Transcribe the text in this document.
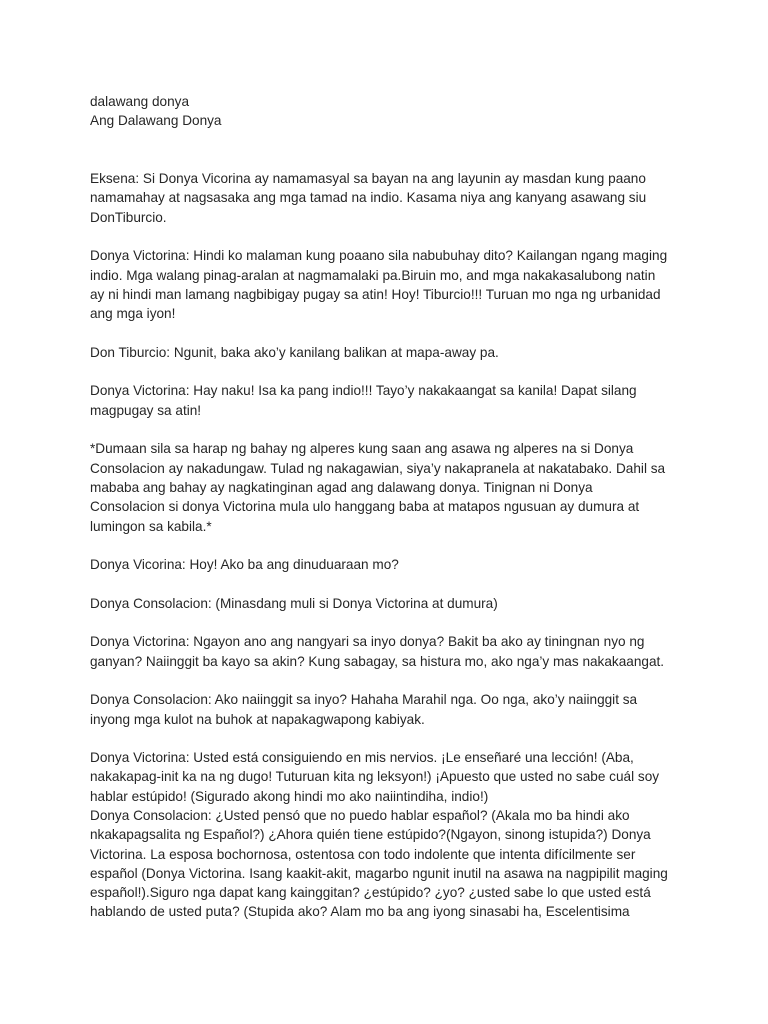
dalawang donya
Ang Dalawang Donya
Eksena: Si Donya Vicorina ay namamasyal sa bayan na ang layunin ay masdan kung paano
namamahay at nagsasaka ang mga tamad na indio. Kasama niya ang kanyang asawang siu
DonTiburcio.
Donya Victorina: Hindi ko malaman kung poaano sila nabubuhay dito? Kailangan ngang maging
indio. Mga walang pinag-aralan at nagmamalaki pa.Biruin mo, and mga nakakasalubong natin
ay ni hindi man lamang nagbibigay pugay sa atin! Hoy! Tiburcio!!! Turuan mo nga ng urbanidad
ang mga iyon!
Don Tiburcio: Ngunit, baka ako’y kanilang balikan at mapa-away pa.
Donya Victorina: Hay naku! Isa ka pang indio!!! Tayo’y nakakaangat sa kanila! Dapat silang
magpugay sa atin!
*Dumaan sila sa harap ng bahay ng alperes kung saan ang asawa ng alperes na si Donya
Consolacion ay nakadungaw. Tulad ng nakagawian, siya’y nakapranela at nakatabako. Dahil sa
mababa ang bahay ay nagkatinginan agad ang dalawang donya. Tinignan ni Donya
Consolacion si donya Victorina mula ulo hanggang baba at matapos ngusuan ay dumura at
lumingon sa kabila.*
Donya Vicorina: Hoy! Ako ba ang dinuduaraan mo?
Donya Consolacion: (Minasdang muli si Donya Victorina at dumura)
Donya Victorina: Ngayon ano ang nangyari sa inyo donya? Bakit ba ako ay tiningnan nyo ng
ganyan? Naiinggit ba kayo sa akin? Kung sabagay, sa histura mo, ako nga’y mas nakakaangat.
Donya Consolacion: Ako naiinggit sa inyo? Hahaha Marahil nga. Oo nga, ako’y naiinggit sa
inyong mga kulot na buhok at napakagwapong kabiyak.
Donya Victorina: Usted está consiguiendo en mis nervios. ¡Le enseñaré una lección! (Aba,
nakakapag-init ka na ng dugo! Tuturuan kita ng leksyon!) ¡Apuesto que usted no sabe cuál soy
hablar estúpido! (Sigurado akong hindi mo ako naiintindiha, indio!)
Donya Consolacion: ¿Usted pensó que no puedo hablar español? (Akala mo ba hindi ako
nkakapagsalita ng Español?) ¿Ahora quién tiene estúpido?(Ngayon, sinong istupida?) Donya
Victorina. La esposa bochornosa, ostentosa con todo indolente que intenta difícilmente ser
español (Donya Victorina. Isang kaakit-akit, magarbo ngunit inutil na asawa na nagpipilit maging
español!).Siguro nga dapat kang kainggitan? ¿estúpido? ¿yo? ¿usted sabe lo que usted está
hablando de usted puta? (Stupida ako? Alam mo ba ang iyong sinasabi ha, Escelentisima
